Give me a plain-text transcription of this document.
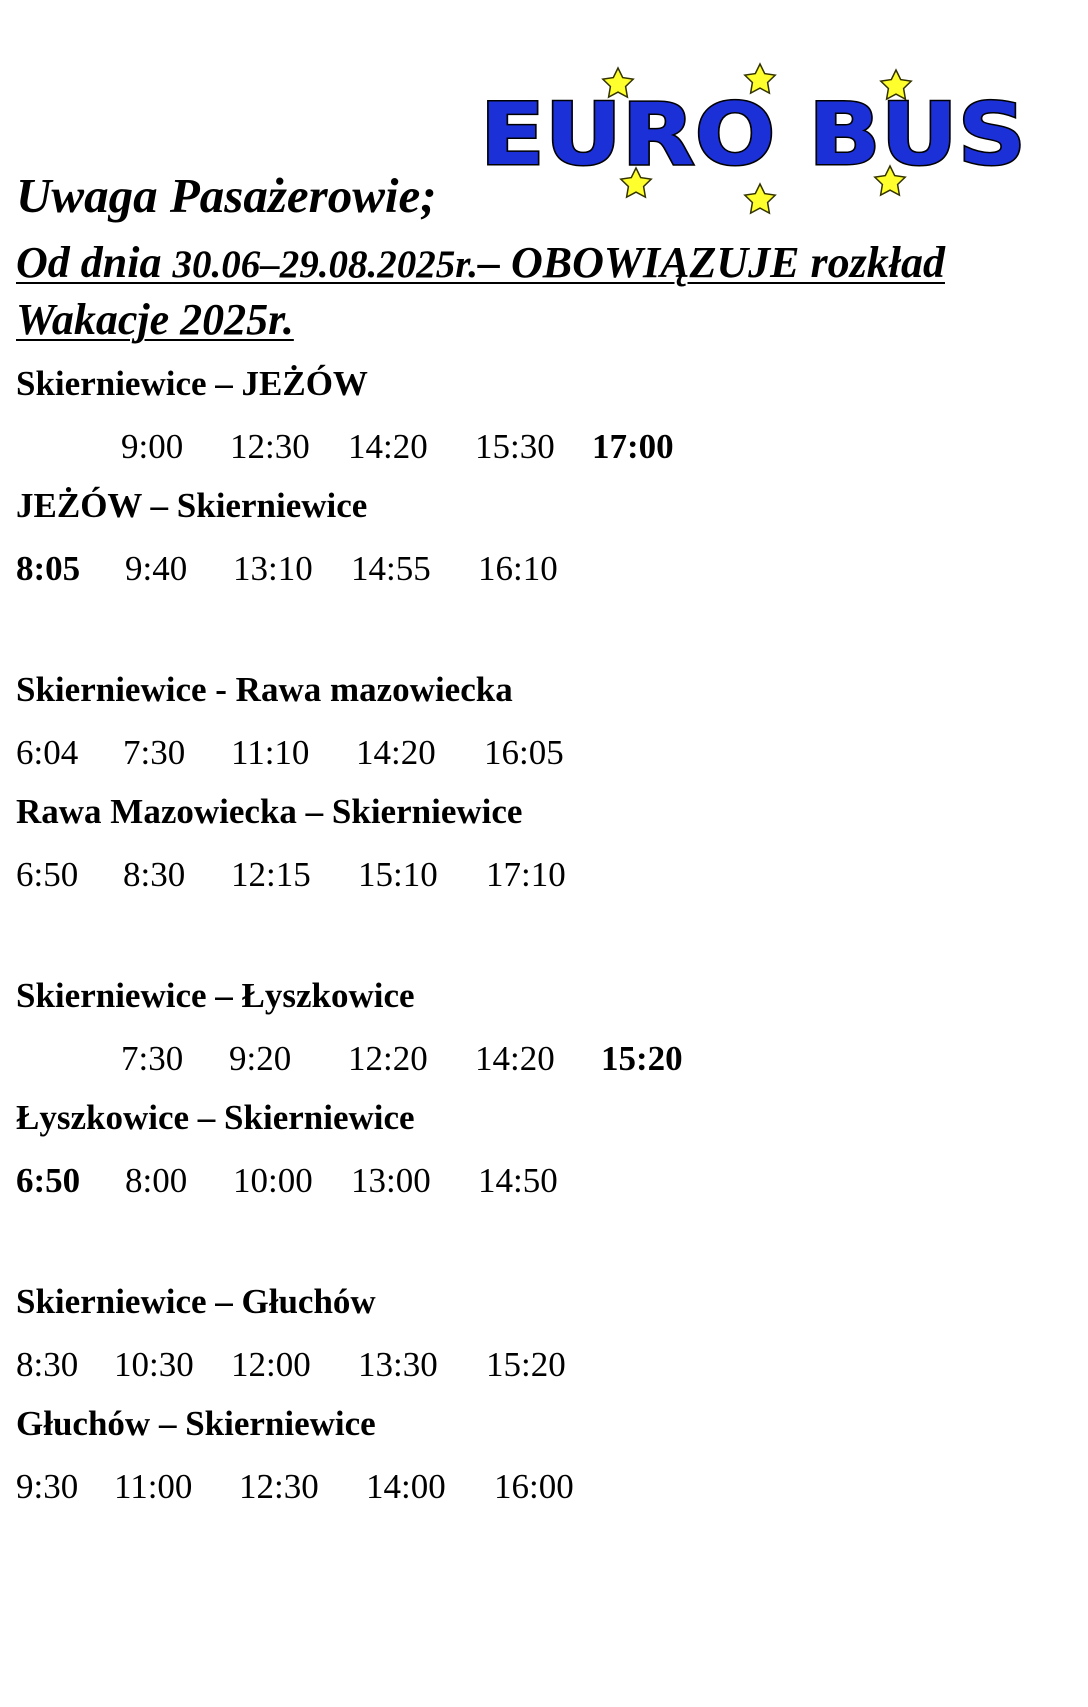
EURO BUS
Uwaga Pasażerowie;
Od dnia 30.06–29.08.2025r.– OBOWIĄZUJE rozkład
Wakacje 2025r.
Skierniewice – JEŻÓW
9:00 12:30 14:20 15:30 17:00
JEŻÓW – Skierniewice
8:05 9:40 13:10 14:55 16:10
Skierniewice - Rawa mazowiecka
6:04 7:30 11:10 14:20 16:05
Rawa Mazowiecka – Skierniewice
6:50 8:30 12:15 15:10 17:10
Skierniewice – Łyszkowice
7:30 9:20 12:20 14:20 15:20
Łyszkowice – Skierniewice
6:50 8:00 10:00 13:00 14:50
Skierniewice – Głuchów
8:30 10:30 12:00 13:30 15:20
Głuchów – Skierniewice
9:30 11:00 12:30 14:00 16:00
